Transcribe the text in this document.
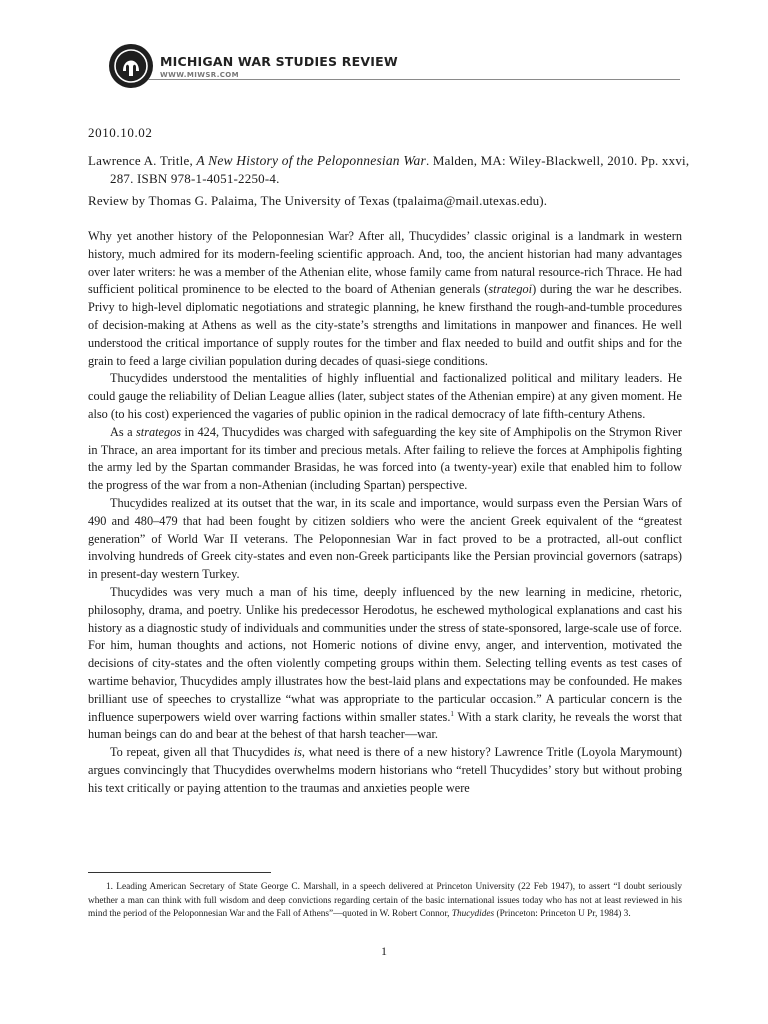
MICHIGAN WAR STUDIES REVIEW
WWW.MIWSR.COM
2010.10.02
Lawrence A. Tritle, A New History of the Peloponnesian War. Malden, MA: Wiley-Blackwell, 2010. Pp. xxvi, 287. ISBN 978-1-4051-2250-4.
Review by Thomas G. Palaima, The University of Texas (tpalaima@mail.utexas.edu).

Why yet another history of the Peloponnesian War? After all, Thucydides’ classic original is a landmark in western history, much admired for its modern-feeling scientific approach. And, too, the ancient historian had many advantages over later writers: he was a member of the Athenian elite, whose family came from natural resource-rich Thrace. He had sufficient political prominence to be elected to the board of Athenian generals (strategoi) during the war he describes. Privy to high-level diplomatic negotiations and strategic planning, he knew firsthand the rough-and-tumble procedures of decision-making at Athens as well as the city-state’s strengths and limitations in manpower and finances. He well understood the critical importance of supply routes for the timber and flax needed to build and outfit ships and for the grain to feed a large civilian population during decades of quasi-siege conditions.

Thucydides understood the mentalities of highly influential and factionalized political and military leaders. He could gauge the reliability of Delian League allies (later, subject states of the Athenian empire) at any given moment. He also (to his cost) experienced the vagaries of public opinion in the radical democracy of late fifth-century Athens.

As a strategos in 424, Thucydides was charged with safeguarding the key site of Amphipolis on the Strymon River in Thrace, an area important for its timber and precious metals. After failing to relieve the forces at Amphipolis fighting the army led by the Spartan commander Brasidas, he was forced into (a twenty-year) exile that enabled him to follow the progress of the war from a non-Athenian (including Spartan) perspective.

Thucydides realized at its outset that the war, in its scale and importance, would surpass even the Persian Wars of 490 and 480–479 that had been fought by citizen soldiers who were the ancient Greek equivalent of the “greatest generation” of World War II veterans. The Peloponnesian War in fact proved to be a protracted, all-out conflict involving hundreds of Greek city-states and even non-Greek participants like the Persian provincial governors (satraps) in present-day western Turkey.

Thucydides was very much a man of his time, deeply influenced by the new learning in medicine, rhetoric, philosophy, drama, and poetry. Unlike his predecessor Herodotus, he eschewed mythological explanations and cast his history as a diagnostic study of individuals and communities under the stress of state-sponsored, large-scale use of force. For him, human thoughts and actions, not Homeric notions of divine envy, anger, and intervention, motivated the decisions of city-states and the often violently competing groups within them. Selecting telling events as test cases of wartime behavior, Thucydides amply illustrates how the best-laid plans and expectations may be confounded. He makes brilliant use of speeches to crystallize “what was appropriate to the particular occasion.” A particular concern is the influence superpowers wield over warring factions within smaller states.$^1$ With a stark clarity, he reveals the worst that human beings can do and bear at the behest of that harsh teacher—war.

To repeat, given all that Thucydides is, what need is there of a new history? Lawrence Tritle (Loyola Marymount) argues convincingly that Thucydides overwhelms modern historians who “retell Thucydides’ story but without probing his text critically or paying attention to the traumas and anxieties people were

1. Leading American Secretary of State George C. Marshall, in a speech delivered at Princeton University (22 Feb 1947), to assert “I doubt seriously whether a man can think with full wisdom and deep convictions regarding certain of the basic international issues today who has not at least reviewed in his mind the period of the Peloponnesian War and the Fall of Athens”—quoted in W. Robert Connor, Thucydides (Princeton: Princeton U Pr, 1984) 3.
1
